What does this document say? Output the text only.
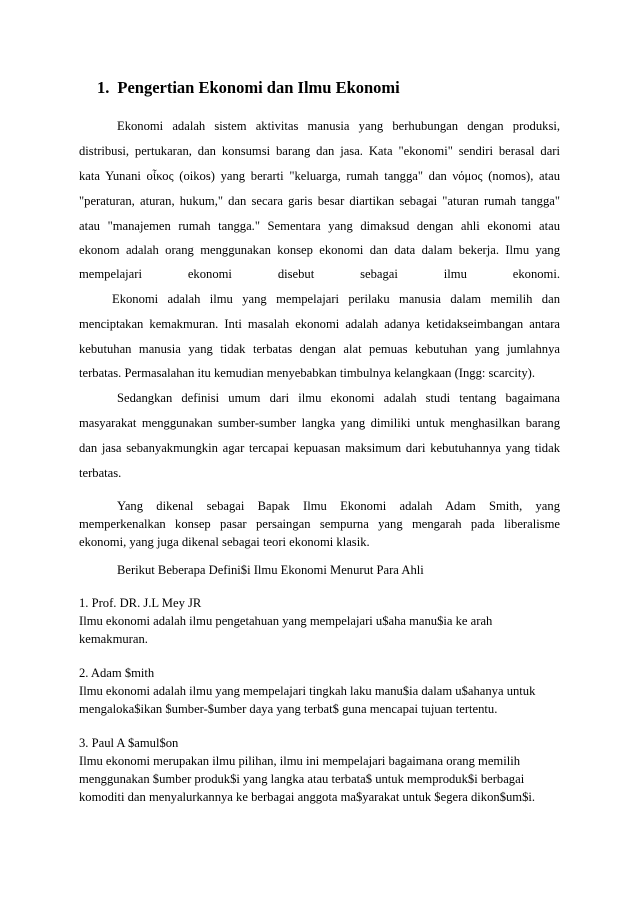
1. Pengertian Ekonomi dan Ilmu Ekonomi
Ekonomi adalah sistem aktivitas manusia yang berhubungan dengan produksi,
distribusi, pertukaran, dan konsumsi barang dan jasa. Kata "ekonomi" sendiri berasal dari
kata Yunani οἶκος (oikos) yang berarti "keluarga, rumah tangga" dan νόμος (nomos), atau
"peraturan, aturan, hukum," dan secara garis besar diartikan sebagai "aturan rumah tangga"
atau "manajemen rumah tangga." Sementara yang dimaksud dengan ahli ekonomi atau
ekonom adalah orang menggunakan konsep ekonomi dan data dalam bekerja. Ilmu yang
mempelajari ekonomi disebut sebagai ilmu ekonomi.
Ekonomi adalah ilmu yang mempelajari perilaku manusia dalam memilih dan
menciptakan kemakmuran. Inti masalah ekonomi adalah adanya ketidakseimbangan antara
kebutuhan manusia yang tidak terbatas dengan alat pemuas kebutuhan yang jumlahnya
terbatas. Permasalahan itu kemudian menyebabkan timbulnya kelangkaan (Ingg: scarcity).
Sedangkan definisi umum dari ilmu ekonomi adalah studi tentang bagaimana
masyarakat menggunakan sumber-sumber langka yang dimiliki untuk menghasilkan barang
dan jasa sebanyakmungkin agar tercapai kepuasan maksimum dari kebutuhannya yang tidak
terbatas.
Yang dikenal sebagai Bapak Ilmu Ekonomi adalah Adam Smith, yang
memperkenalkan konsep pasar persaingan sempurna yang mengarah pada liberalisme
ekonomi, yang juga dikenal sebagai teori ekonomi klasik.
Berikut Beberapa Defini$i Ilmu Ekonomi Menurut Para Ahli
1. Prof. DR. J.L Mey JR
Ilmu ekonomi adalah ilmu pengetahuan yang mempelajari u$aha manu$ia ke arah
kemakmuran.
2. Adam $mith
Ilmu ekonomi adalah ilmu yang mempelajari tingkah laku manu$ia dalam u$ahanya untuk
mengaloka$ikan $umber-$umber daya yang terbat$ guna mencapai tujuan tertentu.
3. Paul A $amul$on
Ilmu ekonomi merupakan ilmu pilihan, ilmu ini mempelajari bagaimana orang memilih
menggunakan $umber produk$i yang langka atau terbata$ untuk memproduk$i berbagai
komoditi dan menyalurkannya ke berbagai anggota ma$yarakat untuk $egera dikon$um$i.
